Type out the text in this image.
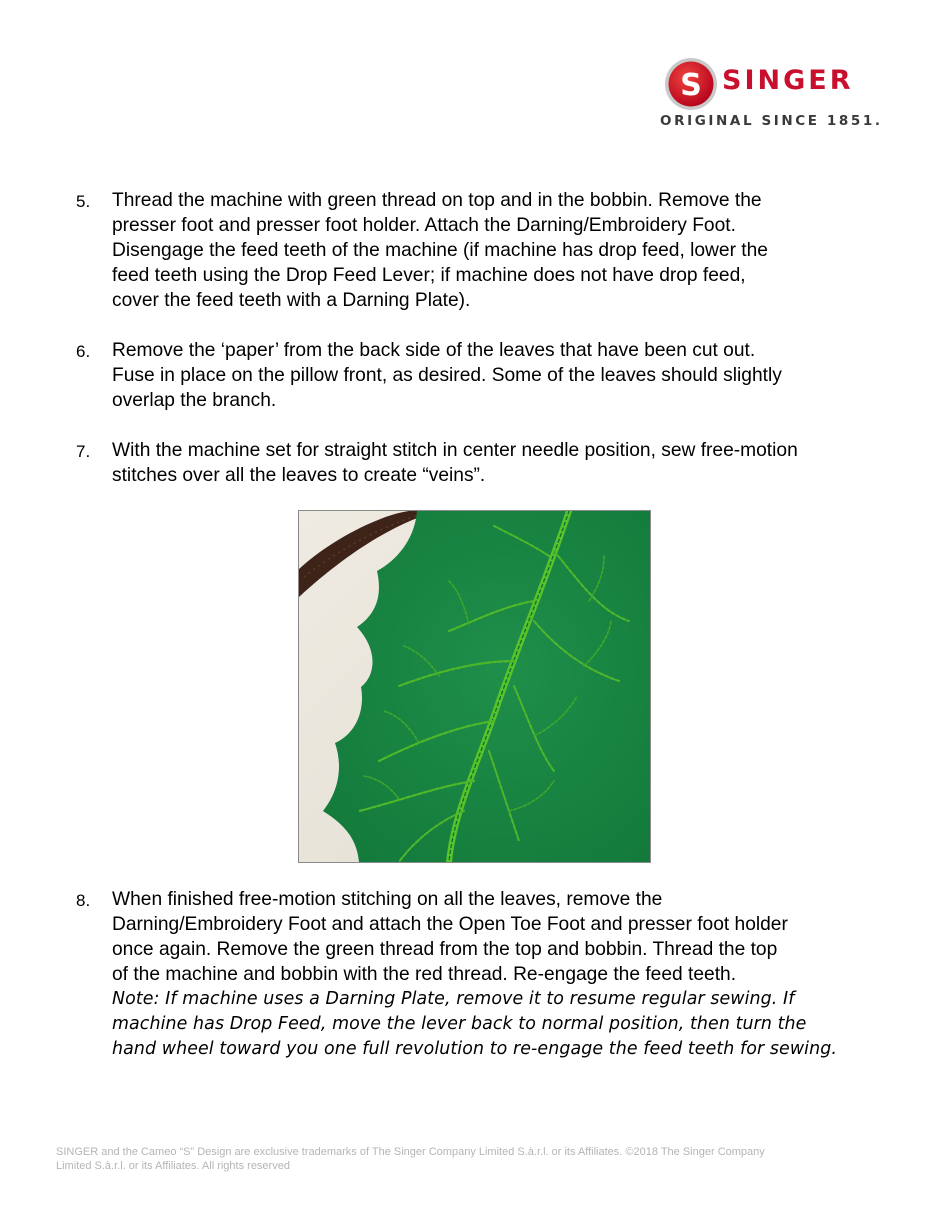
S SINGER
ORIGINAL SINCE 1851.
5. Thread the machine with green thread on top and in the bobbin. Remove the
presser foot and presser foot holder. Attach the Darning/Embroidery Foot.
Disengage the feed teeth of the machine (if machine has drop feed, lower the
feed teeth using the Drop Feed Lever; if machine does not have drop feed,
cover the feed teeth with a Darning Plate).
6. Remove the ‘paper’ from the back side of the leaves that have been cut out.
Fuse in place on the pillow front, as desired. Some of the leaves should slightly
overlap the branch.
7. With the machine set for straight stitch in center needle position, sew free-motion
stitches over all the leaves to create “veins”.
8. When finished free-motion stitching on all the leaves, remove the
Darning/Embroidery Foot and attach the Open Toe Foot and presser foot holder
once again. Remove the green thread from the top and bobbin. Thread the top
of the machine and bobbin with the red thread. Re-engage the feed teeth.
Note: If machine uses a Darning Plate, remove it to resume regular sewing. If
machine has Drop Feed, move the lever back to normal position, then turn the
hand wheel toward you one full revolution to re-engage the feed teeth for sewing.
SINGER and the Cameo “S” Design are exclusive trademarks of The Singer Company Limited S.à.r.l. or its Affiliates. ©2018 The Singer Company
Limited S.à.r.l. or its Affiliates. All rights reserved
